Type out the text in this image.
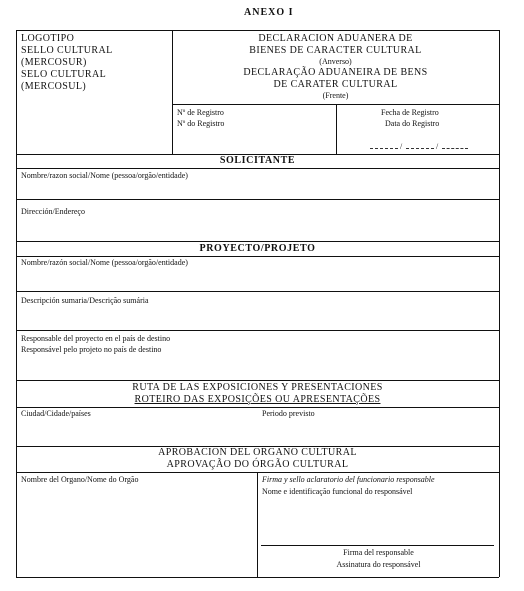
ANEXO I
LOGOTIPO
SELLO CULTURAL
(MERCOSUR)
SELO CULTURAL
(MERCOSUL)
DECLARACION ADUANERA DE
BIENES DE CARACTER CULTURAL
(Anverso)
DECLARAÇÃO ADUANEIRA DE BENS
DE CARATER CULTURAL
(Frente)
Nº de Registro
Nº do Registro
Fecha de Registro
Data do Registro
/	/
SOLICITANTE
Nombre/razon social/Nome (pessoa/orgão/entidade)
Dirección/Endereço
PROYECTO/PROJETO
Nombre/razón social/Nome (pessoa/orgão/entidade)
Descripción sumaria/Descrição sumária
Responsable del proyecto en el país de destino
Responsável pelo projeto no país de destino
RUTA DE LAS EXPOSICIONES Y PRESENTACIONES
ROTEIRO DAS EXPOSIÇÕES OU APRESENTAÇÕES
Ciudad/Cidade/países	Periodo previsto
APROBACION DEL ORGANO CULTURAL
APROVAÇÃO DO ÓRGÃO CULTURAL
Nombre del Organo/Nome do Orgão	Firma y sello aclaratorio del funcionario responsable
Nome e identificação funcional do responsável
Firma del responsable
Assinatura do responsável
